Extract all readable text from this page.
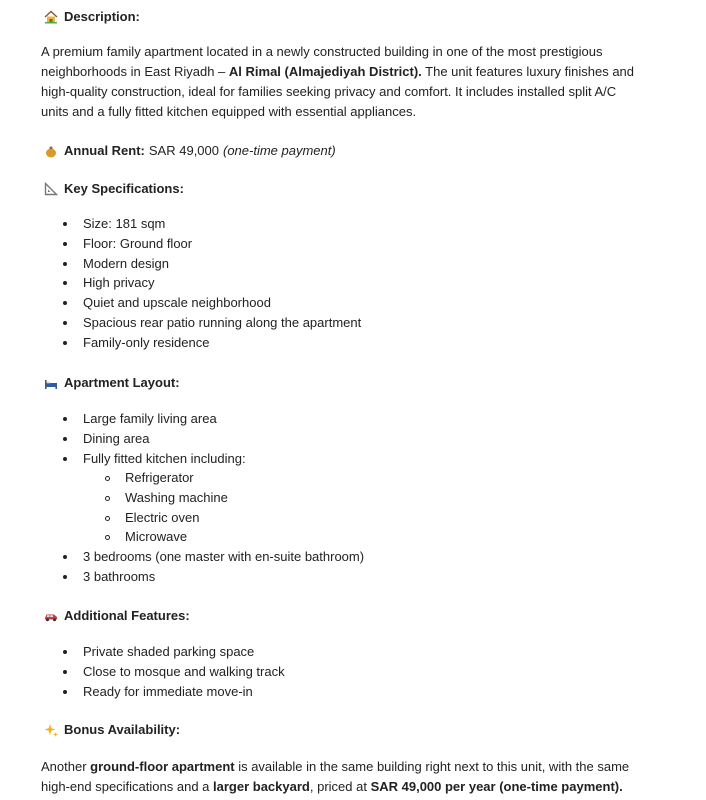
Description:
A premium family apartment located in a newly constructed building in one of the most prestigious
neighborhoods in East Riyadh – Al Rimal (Almajediyah District). The unit features luxury finishes and
high-quality construction, ideal for families seeking privacy and comfort. It includes installed split A/C
units and a fully fitted kitchen equipped with essential appliances.
Annual Rent: SAR 49,000 (one-time payment)
Key Specifications:
Size: 181 sqm
Floor: Ground floor
Modern design
High privacy
Quiet and upscale neighborhood
Spacious rear patio running along the apartment
Family-only residence
Apartment Layout:
Large family living area
Dining area
Fully fitted kitchen including:
Refrigerator
Washing machine
Electric oven
Microwave
3 bedrooms (one master with en-suite bathroom)
3 bathrooms
Additional Features:
Private shaded parking space
Close to mosque and walking track
Ready for immediate move-in
Bonus Availability:
Another ground-floor apartment is available in the same building right next to this unit, with the same
high-end specifications and a larger backyard, priced at SAR 49,000 per year (one-time payment).
